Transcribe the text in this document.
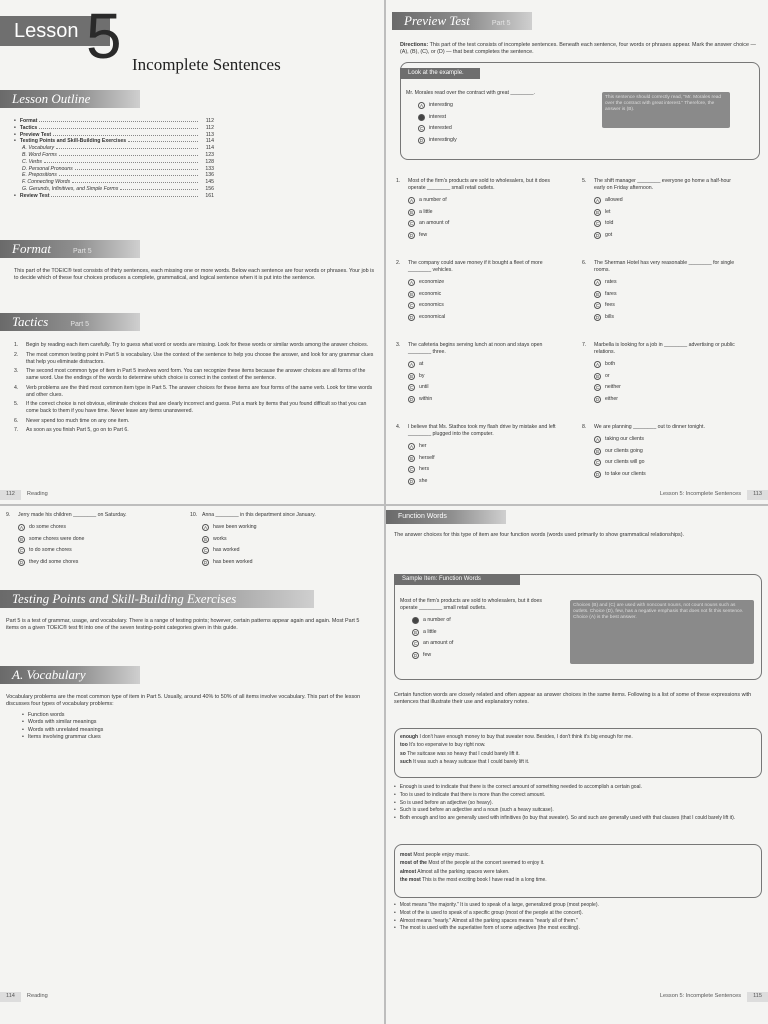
Lesson 5 Incomplete Sentences
Lesson Outline
• Format	112
• Tactics	112
• Preview Test	113
• Testing Points and Skill-Building Exercises	114
A. Vocabulary	114
B. Word Forms	123
C. Verbs	128
D. Personal Pronouns	133
E. Prepositions	136
F. Connecting Words	145
G. Gerunds, Infinitives, and Simple Forms	156
• Review Test	161
Format	Part 5
This part of the TOEIC® test consists of thirty sentences, each missing one or more words. Below each sentence are four words or phrases. Your job is to decide which of these four choices produces a complete, grammatical, and logical sentence when it is put into the sentence.
Tactics	Part 5
1.	Begin by reading each item carefully. Try to guess what word or words are missing. Look for these words or similar words among the answer choices.
2.	The most common testing point in Part 5 is vocabulary. Use the context of the sentence to help you choose the answer, and look for any grammar clues that help you eliminate distractors.
3.	The second most common type of item in Part 5 involves word form. You can recognize these items because the answer choices are all forms of the same word. Use the endings of the words to determine which choice is correct in the context of the sentence.
4.	Verb problems are the third most common item type in Part 5. The answer choices for these items are four forms of the same verb. Look for time words and other clues.
5.	If the correct choice is not obvious, eliminate choices that are clearly incorrect and guess. Put a mark by items that you found difficult so that you can come back to them if you have time. Never leave any items unanswered.
6.	Never spend too much time on any one item.
7.	As soon as you finish Part 5, go on to Part 6.
112 Reading
Preview Test	Part 5
Directions: This part of the test consists of incomplete sentences. Beneath each sentence, four words or phrases appear. Mark the answer choice — (A), (B), (C), or (D) — that best completes the sentence.
Look at the example.
Mr. Morales read over the contract with great ________.
A	interesting
B	interest
C	interested
D	interestingly
This sentence should correctly read, "Mr. Morales read over the contract with great interest." Therefore, the answer is (B).
1.	Most of the firm's products are sold to wholesalers, but it does operate ________ small retail outlets.
A	a number of
B	a little
C	an amount of
D	few
2.	The company could save money if it bought a fleet of more ________ vehicles.
A	economize
B	economic
C	economics
D	economical
3.	The cafeteria begins serving lunch at noon and stays open ________ three.
A	at
B	by
C	until
D	within
4.	I believe that Ms. Stathos took my flash drive by mistake and left ________ plugged into the computer.
A	her
B	herself
C	hers
D	she
5.	The shift manager ________ everyone go home a half-hour early on Friday afternoon.
A	allowed
B	let
C	told
D	got
6.	The Sherman Hotel has very reasonable ________ for single rooms.
A	rates
B	fares
C	fees
D	bills
7.	Marbella is looking for a job in ________ advertising or public relations.
A	both
B	or
C	neither
D	either
8.	We are planning ________ out to dinner tonight.
A	taking our clients
B	our clients going
C	our clients will go
D	to take our clients
Lesson 5: Incomplete Sentences 113
9.	Jerry made his children ________ on Saturday.
A	do some chores
B	some chores were done
C	to do some chores
D	they did some chores
10. Anna ________ in this department since January.
A	have been working
B	works
C	has worked
D	has been worked
Testing Points and Skill-Building Exercises
Part 5 is a test of grammar, usage, and vocabulary. There is a range of testing points; however, certain patterns appear again and again. Most Part 5 items on a given TOEIC® test fit into one of the seven testing-point categories given in this guide.
A. Vocabulary
Vocabulary problems are the most common type of item in Part 5. Usually, around 40% to 50% of all items involve vocabulary. This part of the lesson discusses four types of vocabulary problems:
• Function words
• Words with similar meanings
• Words with unrelated meanings
• Items involving grammar clues
114 Reading
Function Words
The answer choices for this type of item are four function words (words used primarily to show grammatical relationships).
Sample Item: Function Words
Most of the firm's products are sold to wholesalers, but it does operate ________ small retail outlets.
A	a number of
B	a little
C	an amount of
D	few
Choices (B) and (C) are used with noncount nouns, not count nouns such as outlets. Choice (D), few, has a negative emphasis that does not fit this sentence. Choice (A) is the best answer.
Certain function words are closely related and often appear as answer choices in the same items. Following is a list of some of these expressions with sentences that illustrate their use and explanatory notes.

enough I don't have enough money to buy that sweater now. Besides, I don't think it's big enough for me.

too It's too expensive to buy right now.

so The suitcase was so heavy that I could barely lift it.

such It was such a heavy suitcase that I could barely lift it.

• Enough is used to indicate that there is the correct amount of something needed to accomplish a certain goal.
• Too is used to indicate that there is more than the correct amount.
• So is used before an adjective (so heavy).
• Such is used before an adjective and a noun (such a heavy suitcase).
• Both enough and too are generally used with infinitives (to buy that sweater). So and such are generally used with that clauses (that I could barely lift it).

most Most people enjoy music.

most of the Most of the people at the concert seemed to enjoy it.

almost Almost all the parking spaces were taken.

the most This is the most exciting book I have read in a long time.

• Most means "the majority." It is used to speak of a large, generalized group (most people).
• Most of the is used to speak of a specific group (most of the people at the concert).
• Almost means "nearly." Almost all the parking spaces means "nearly all of them."
• The most is used with the superlative form of some adjectives (the most exciting).
Lesson 5: Incomplete Sentences 115
